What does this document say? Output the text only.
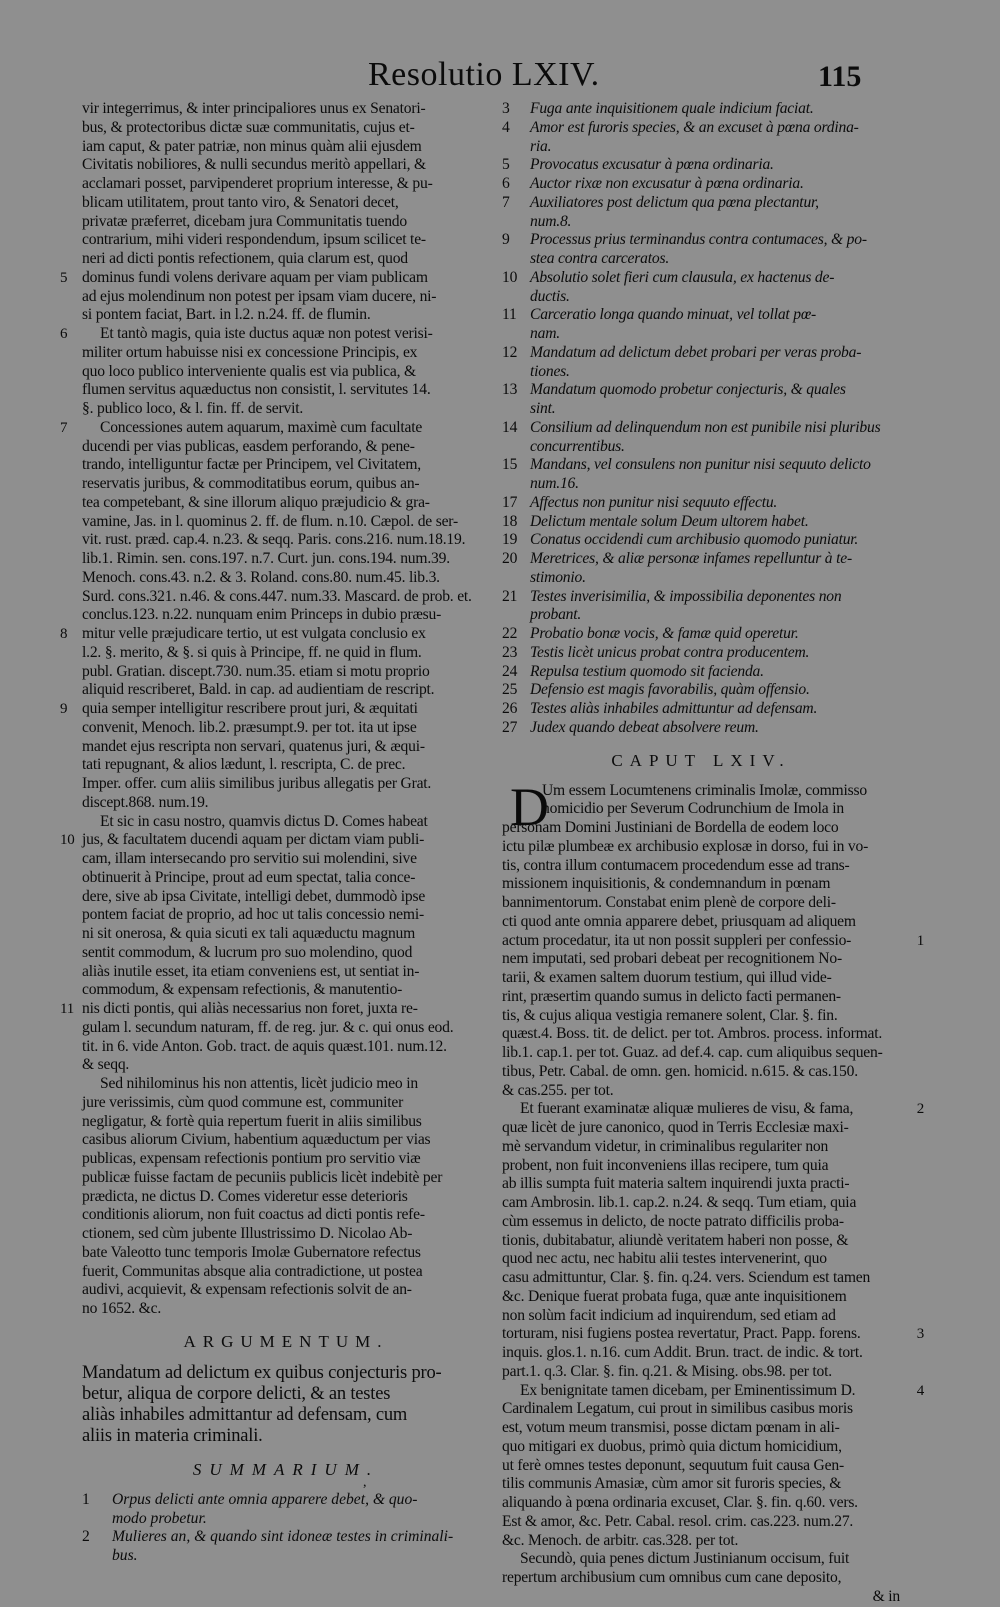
Resolutio LXIV.	115
vir integerrimus, & inter principaliores unus ex Senatori-
bus, & protectoribus dictæ suæ communitatis, cujus et-
iam caput, & pater patriæ, non minus quàm alii ejusdem
Civitatis nobiliores, & nulli secundus meritò appellari, &
acclamari posset, parvipenderet proprium interesse, & pu-
blicam utilitatem, prout tanto viro, & Senatori decet,
privatæ præferret, dicebam jura Communitatis tuendo
contrarium, mihi videri respondendum, ipsum scilicet te-
neri ad dicti pontis refectionem, quia clarum est, quod
dominus fundi volens derivare aquam per viam publicam
5
ad ejus molendinum non potest per ipsam viam ducere, ni-
si pontem faciat, Bart. in l.2. n.24. ff. de flumin.
Et tantò magis, quia iste ductus aquæ non potest verisi-
6
militer ortum habuisse nisi ex concessione Principis, ex
quo loco publico interveniente qualis est via publica, &
flumen servitus aquæductus non consistit, l. servitutes 14.
§. publico loco, & l. fin. ff. de servit.
Concessiones autem aquarum, maximè cum facultate
7
ducendi per vias publicas, easdem perforando, & pene-
trando, intelliguntur factæ per Principem, vel Civitatem,
reservatis juribus, & commoditatibus eorum, quibus an-
tea competebant, & sine illorum aliquo præjudicio & gra-
vamine, Jas. in l. quominus 2. ff. de flum. n.10. Cæpol. de ser-
vit. rust. præd. cap.4. n.23. & seqq. Paris. cons.216. num.18.19.
lib.1. Rimin. sen. cons.197. n.7. Curt. jun. cons.194. num.39.
Menoch. cons.43. n.2. & 3. Roland. cons.80. num.45. lib.3.
Surd. cons.321. n.46. & cons.447. num.33. Mascard. de prob. et.
conclus.123. n.22. nunquam enim Princeps in dubio præsu-
mitur velle præjudicare tertio, ut est vulgata conclusio ex
8
l.2. §. merito, & §. si quis à Principe, ff. ne quid in flum.
publ. Gratian. discept.730. num.35. etiam si motu proprio
aliquid rescriberet, Bald. in cap. ad audientiam de rescript.
quia semper intelligitur rescribere prout juri, & æquitati
9
convenit, Menoch. lib.2. præsumpt.9. per tot. ita ut ipse
mandet ejus rescripta non servari, quatenus juri, & æqui-
tati repugnant, & alios lædunt, l. rescripta, C. de prec.
Imper. offer. cum aliis similibus juribus allegatis per Grat.
discept.868. num.19.
Et sic in casu nostro, quamvis dictus D. Comes habeat
jus, & facultatem ducendi aquam per dictam viam publi-
10
cam, illam intersecando pro servitio sui molendini, sive
obtinuerit à Principe, prout ad eum spectat, talia conce-
dere, sive ab ipsa Civitate, intelligi debet, dummodò ipse
pontem faciat de proprio, ad hoc ut talis concessio nemi-
ni sit onerosa, & quia sicuti ex tali aquæductu magnum
sentit commodum, & lucrum pro suo molendino, quod
aliàs inutile esset, ita etiam conveniens est, ut sentiat in-
commodum, & expensam refectionis, & manutentio-
nis dicti pontis, qui aliàs necessarius non foret, juxta re-
11
gulam l. secundum naturam, ff. de reg. jur. & c. qui onus eod.
tit. in 6. vide Anton. Gob. tract. de aquis quæst.101. num.12.
& seqq.
Sed nihilominus his non attentis, licèt judicio meo in
jure verissimis, cùm quod commune est, communiter
negligatur, & fortè quia repertum fuerit in aliis similibus
casibus aliorum Civium, habentium aquæductum per vias
publicas, expensam refectionis pontium pro servitio viæ
publicæ fuisse factam de pecuniis publicis licèt indebitè per
prædicta, ne dictus D. Comes videretur esse deterioris
conditionis aliorum, non fuit coactus ad dicti pontis refe-
ctionem, sed cùm jubente Illustrissimo D. Nicolao Ab-
bate Valeotto tunc temporis Imolæ Gubernatore refectus
fuerit, Communitas absque alia contradictione, ut postea
audivi, acquievit, & expensam refectionis solvit de an-
no 1652. &c.
ARGUMENTUM.
Mandatum ad delictum ex quibus conjecturis pro-
betur, aliqua de corpore delicti, & an testes
aliàs inhabiles admittantur ad defensam, cum
aliis in materia criminali.
SUMMARIUM.
1 Orpus delicti ante omnia apparere debet, & quo-
modo probetur.
2 Mulieres an, & quando sint idoneæ testes in criminali-
bus.
3 Fuga ante inquisitionem quale indicium faciat.
4 Amor est furoris species, & an excuset à pœna ordina-
ria.
5 Provocatus excusatur à pœna ordinaria.
6 Auctor rixæ non excusatur à pœna ordinaria.
7 Auxiliatores post delictum qua pœna plectantur,
num.8.
9 Processus prius terminandus contra contumaces, & po-
stea contra carceratos.
10 Absolutio solet fieri cum clausula, ex hactenus de-
ductis.
11 Carceratio longa quando minuat, vel tollat pœ-
nam.
12 Mandatum ad delictum debet probari per veras proba-
tiones.
13 Mandatum quomodo probetur conjecturis, & quales
sint.
14 Consilium ad delinquendum non est punibile nisi pluribus
concurrentibus.
15 Mandans, vel consulens non punitur nisi sequuto delicto
num.16.
17 Affectus non punitur nisi sequuto effectu.
18 Delictum mentale solum Deum ultorem habet.
19 Conatus occidendi cum archibusio quomodo puniatur.
20 Meretrices, & aliæ personæ infames repelluntur à te-
stimonio.
21 Testes inverisimilia, & impossibilia deponentes non
probant.
22 Probatio bonæ vocis, & famæ quid operetur.
23 Testis licèt unicus probat contra producentem.
24 Repulsa testium quomodo sit facienda.
25 Defensio est magis favorabilis, quàm offensio.
26 Testes aliàs inhabiles admittuntur ad defensam.
27 Judex quando debeat absolvere reum.
CAPUT LXIV.
D
Um essem Locumtenens criminalis Imolæ, commisso
homicidio per Severum Codrunchium de Imola in
personam Domini Justiniani de Bordella de eodem loco
ictu pilæ plumbeæ ex archibusio explosæ in dorso, fui in vo-
tis, contra illum contumacem procedendum esse ad trans-
missionem inquisitionis, & condemnandum in pœnam
bannimentorum. Constabat enim plenè de corpore deli-
cti quod ante omnia apparere debet, priusquam ad aliquem
actum procedatur, ita ut non possit suppleri per confessio-	1
nem imputati, sed probari debeat per recognitionem No-
tarii, & examen saltem duorum testium, qui illud vide-
rint, præsertim quando sumus in delicto facti permanen-
tis, & cujus aliqua vestigia remanere solent, Clar. §. fin.
quæst.4. Boss. tit. de delict. per tot. Ambros. process. informat.
lib.1. cap.1. per tot. Guaz. ad def.4. cap. cum aliquibus sequen-
tibus, Petr. Cabal. de omn. gen. homicid. n.615. & cas.150.
& cas.255. per tot.
Et fuerant examinatæ aliquæ mulieres de visu, & fama,	2
quæ licèt de jure canonico, quod in Terris Ecclesiæ maxi-
mè servandum videtur, in criminalibus regulariter non
probent, non fuit inconveniens illas recipere, tum quia
ab illis sumpta fuit materia saltem inquirendi juxta practi-
cam Ambrosin. lib.1. cap.2. n.24. & seqq. Tum etiam, quia
cùm essemus in delicto, de nocte patrato difficilis proba-
tionis, dubitabatur, aliundè veritatem haberi non posse, &
quod nec actu, nec habitu alii testes intervenerint, quo
casu admittuntur, Clar. §. fin. q.24. vers. Sciendum est tamen
&c. Denique fuerat probata fuga, quæ ante inquisitionem
non solùm facit indicium ad inquirendum, sed etiam ad
torturam, nisi fugiens postea revertatur, Pract. Papp. forens.	3
inquis. glos.1. n.16. cum Addit. Brun. tract. de indic. & tort.
part.1. q.3. Clar. §. fin. q.21. & Mising. obs.98. per tot.
Ex benignitate tamen dicebam, per Eminentissimum D.	4
Cardinalem Legatum, cui prout in similibus casibus moris
est, votum meum transmisi, posse dictam pœnam in ali-
quo mitigari ex duobus, primò quia dictum homicidium,
ut ferè omnes testes deponunt, sequutum fuit causa Gen-
tilis communis Amasiæ, cùm amor sit furoris species, &
aliquando à pœna ordinaria excuset, Clar. §. fin. q.60. vers.
Est & amor, &c. Petr. Cabal. resol. crim. cas.223. num.27.
&c. Menoch. de arbitr. cas.328. per tot.
Secundò, quia penes dictum Justinianum occisum, fuit
repertum archibusium cum omnibus cum cane deposito,
& in
,
